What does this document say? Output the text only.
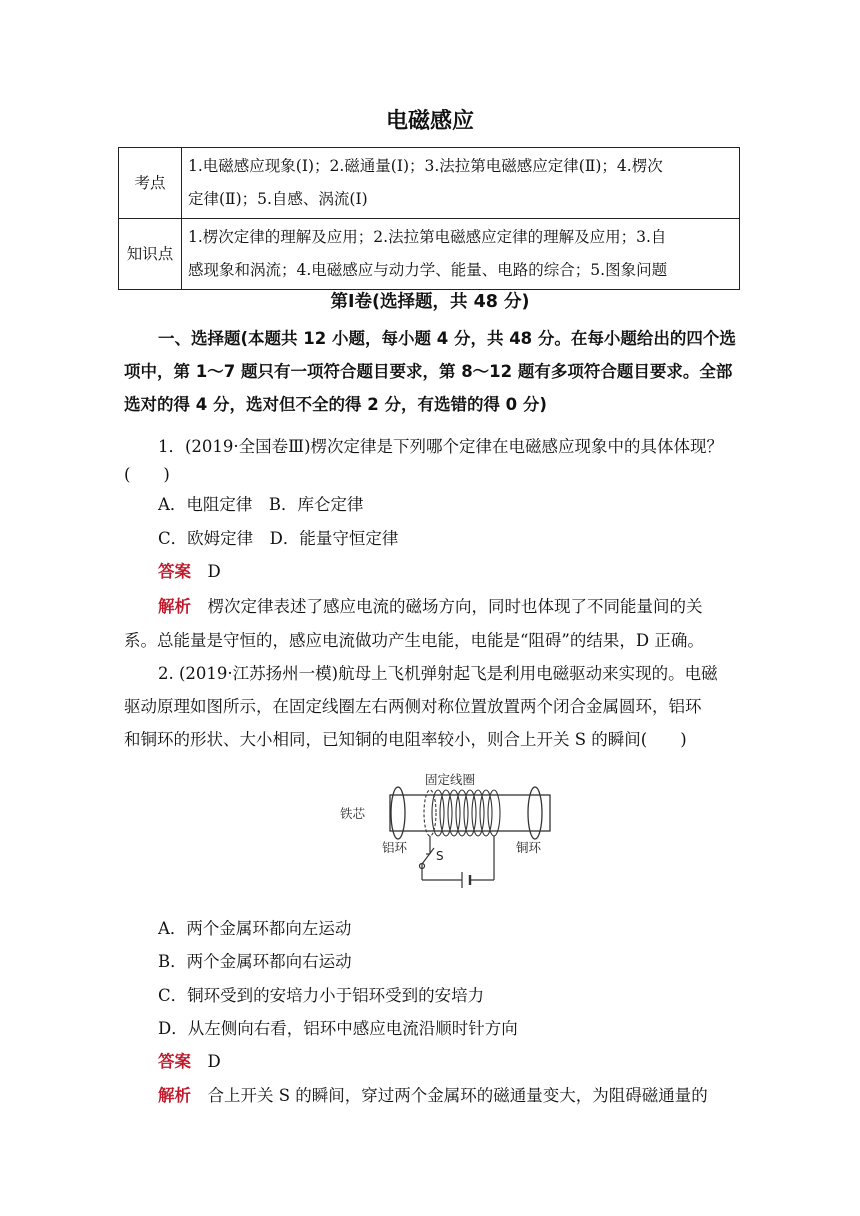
电磁感应
考点	1.电磁感应现象(Ⅰ)；2.磁通量(Ⅰ)；3.法拉第电磁感应定律(Ⅱ)；4.楞次
定律(Ⅱ)；5.自感、涡流(Ⅰ)

知识点	1.楞次定律的理解及应用；2.法拉第电磁感应定律的理解及应用；3.自
感现象和涡流；4.电磁感应与动力学、能量、电路的综合；5.图象问题
第Ⅰ卷(选择题，共 48 分)
一、选择题(本题共 12 小题，每小题 4 分，共 48 分。在每小题给出的四个选
项中，第 1～7 题只有一项符合题目要求，第 8～12 题有多项符合题目要求。全部
选对的得 4 分，选对但不全的得 2 分，有选错的得 0 分)
1．(2019·全国卷Ⅲ)楞次定律是下列哪个定律在电磁感应现象中的具体体现？
(　　)
A．电阻定律　B．库仑定律
C．欧姆定律　D．能量守恒定律
答案　 D
解析　 楞次定律表述了感应电流的磁场方向，同时也体现了不同能量间的关
系。总能量是守恒的，感应电流做功产生电能，电能是“阻碍”的结果，D 正确。
2. (2019·江苏扬州一模)航母上飞机弹射起飞是利用电磁驱动来实现的。电磁
驱动原理如图所示，在固定线圈左右两侧对称位置放置两个闭合金属圆环，铝环
和铜环的形状、大小相同，已知铜的电阻率较小，则合上开关 S 的瞬间(　　)
固定线圈
铁芯
铝环	铜环
S
A．两个金属环都向左运动
B．两个金属环都向右运动
C．铜环受到的安培力小于铝环受到的安培力
D．从左侧向右看，铝环中感应电流沿顺时针方向
答案　 D
解析　 合上开关 S 的瞬间，穿过两个金属环的磁通量变大，为阻碍磁通量的
